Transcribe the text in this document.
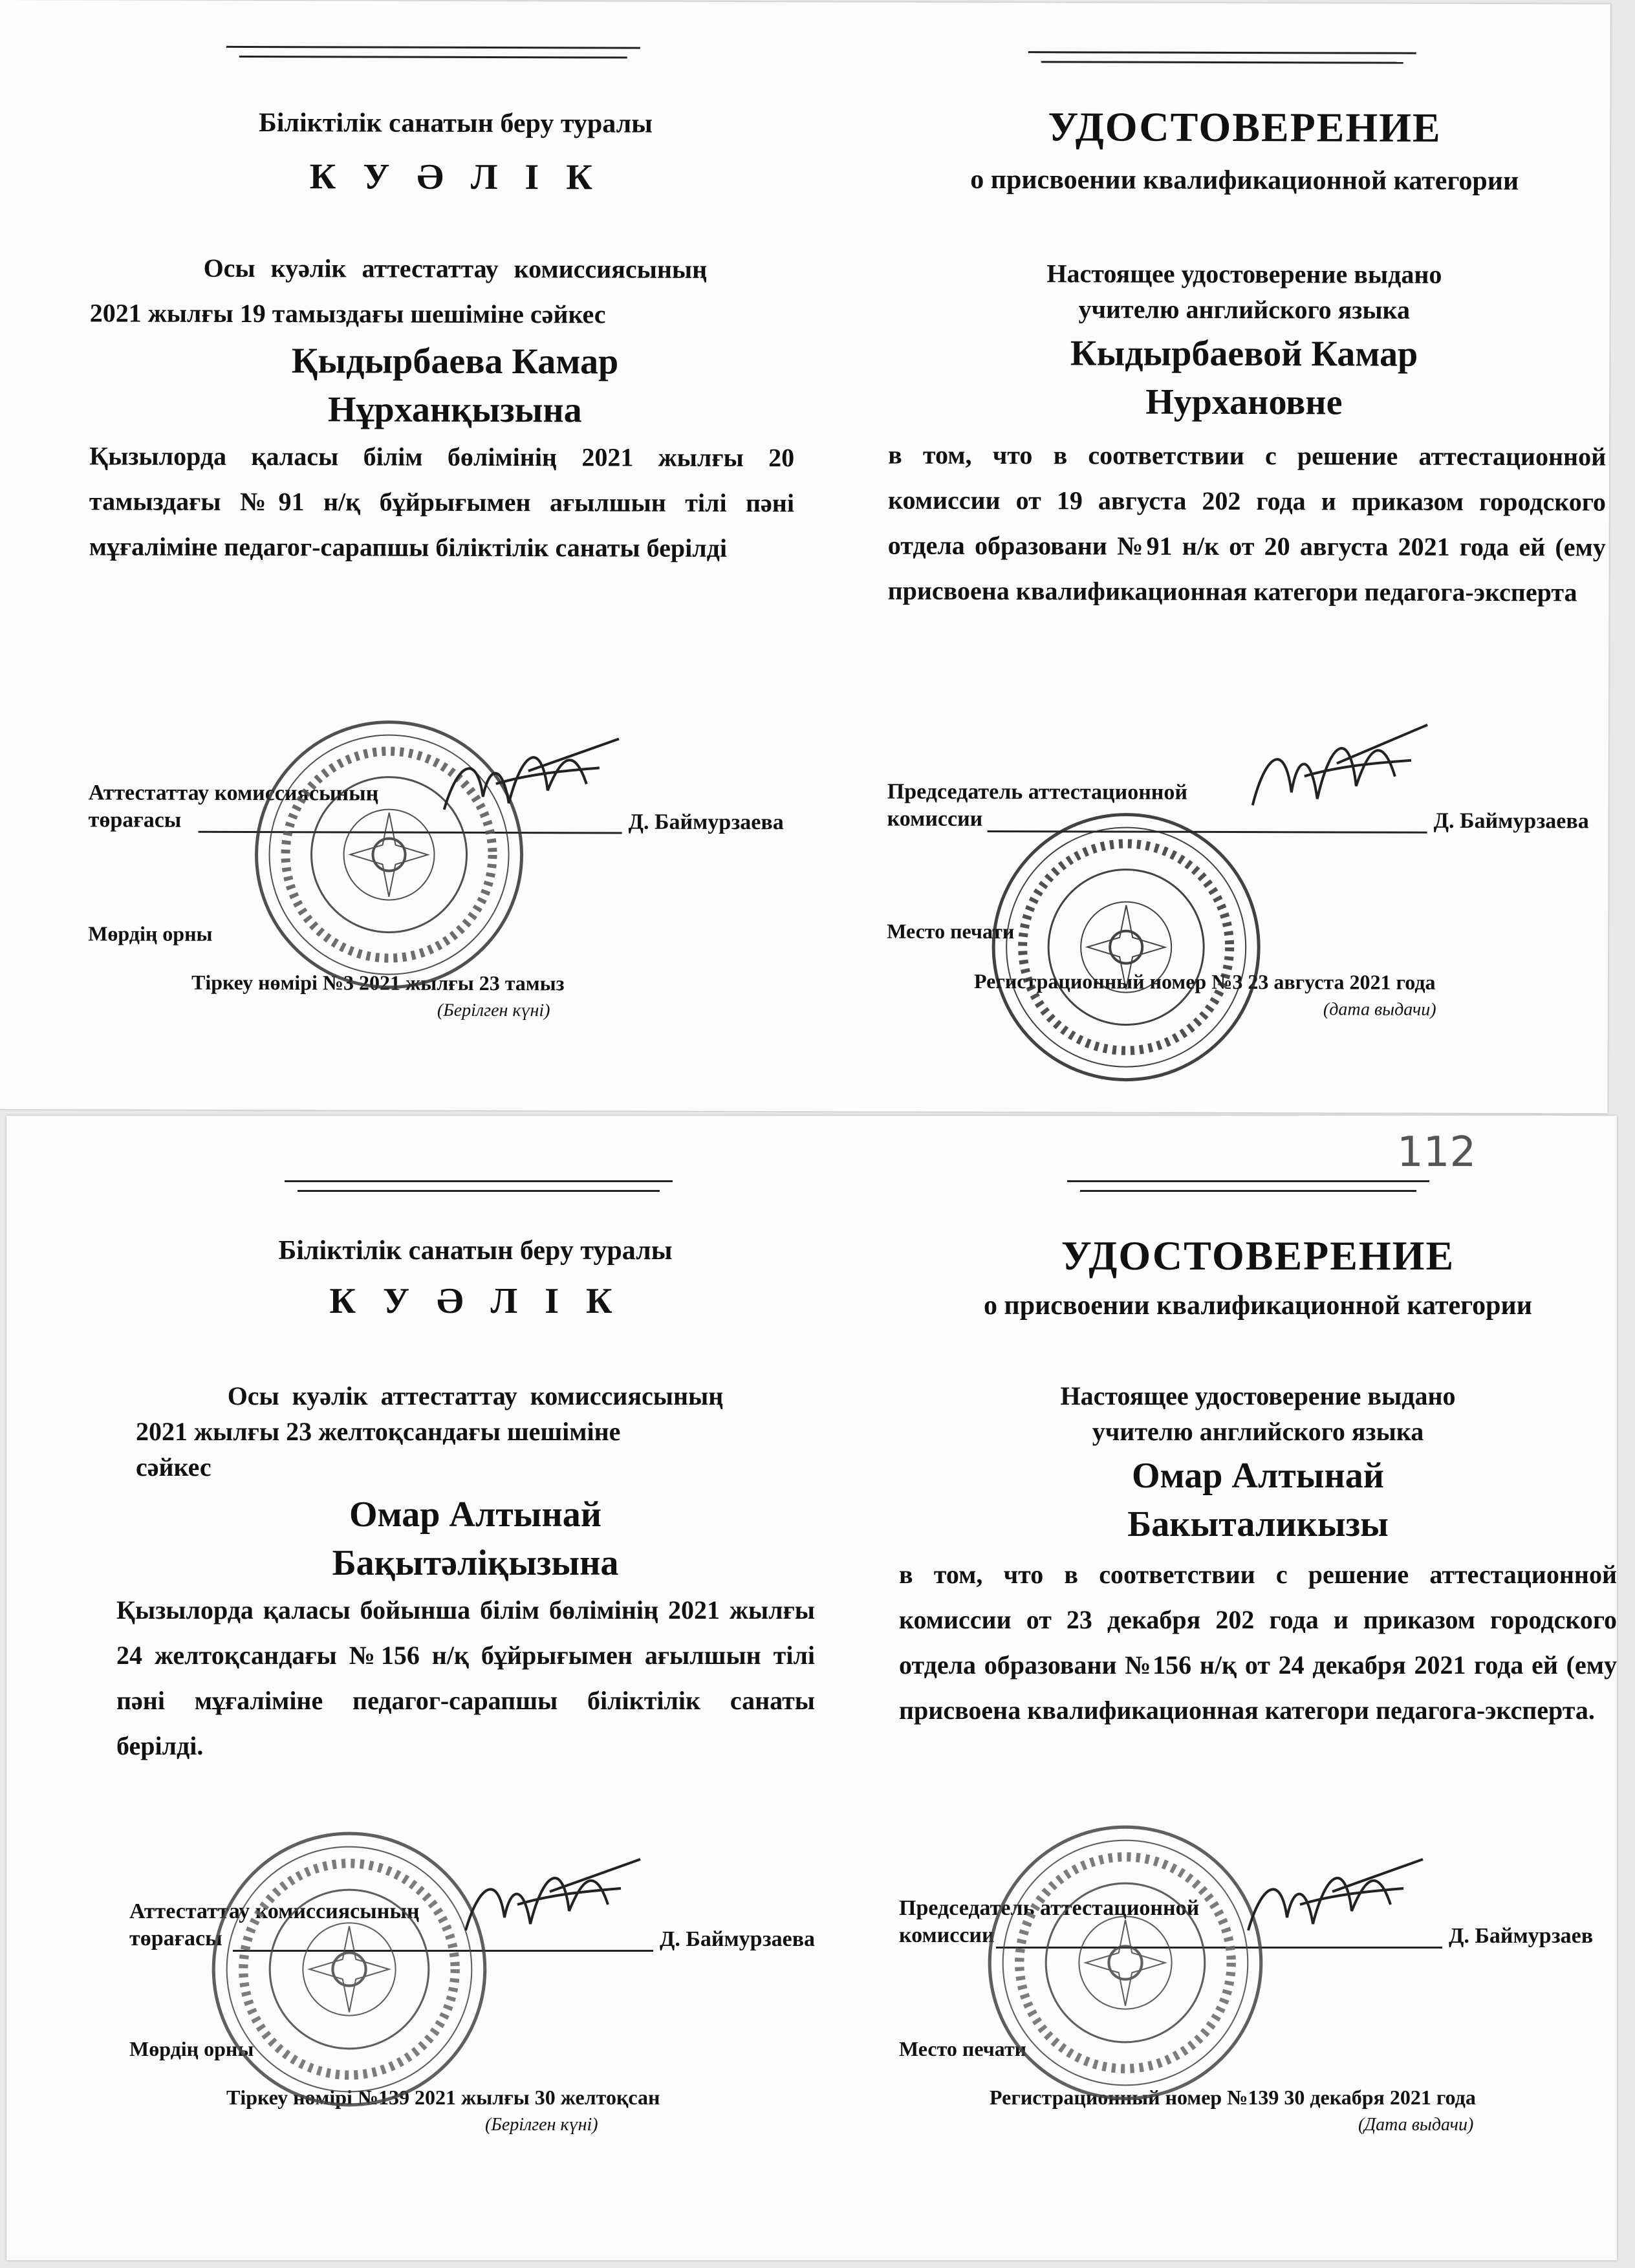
Біліктілік санатын беру туралы
К У Ә Л І К
Осы куәлік аттестаттау комиссиясының
2021 жылғы 19 тамыздағы шешіміне сәйкес
Қыдырбаева Камар
Нұрханқызына
Қызылорда қаласы білім бөлімінің 2021 жылғы 20 тамыздағы №91 н/қ бұйрығымен ағылшын тілі пәні мұғаліміне педагог-сарапшы біліктілік санаты берілді
Аттестаттау комиссиясының
төрағасы	Д. Баймурзаева
Мөрдің орны
Тіркеу нөмірі №3 2021 жылғы 23 тамыз
(Берілген күні)
УДОСТОВЕРЕНИЕ
о присвоении квалификационной категории
Настоящее удостоверение выдано
учителю английского языка
Кыдырбаевой Камар
Нурхановне
в том, что в соответствии с решение аттестационной комиссии от 19 августа 202 года и приказом городского отдела образовани №91 н/к от 20 августа 2021 года ей (ему присвоена квалификационная категори педагога-эксперта
Председатель аттестационной
комиссии	Д. Баймурзаева
Место печати
Регистрационный номер №3 23 августа 2021 года
(дата выдачи)
112
Біліктілік санатын беру туралы
К У Ә Л І К
Осы куәлік аттестаттау комиссиясының
2021 жылғы 23 желтоқсандағы шешіміне
сәйкес
Омар Алтынай
Бақытәліқызына
Қызылорда қаласы бойынша білім бөлімінің 2021 жылғы 24 желтоқсандағы №156 н/қ бұйрығымен ағылшын тілі пәні мұғаліміне педагог-сарапшы біліктілік санаты берілді.
Аттестаттау комиссиясының
төрағасы	Д. Баймурзаева
Мөрдің орны
Тіркеу нөмірі №139 2021 жылғы 30 желтоқсан
(Берілген күні)
УДОСТОВЕРЕНИЕ
о присвоении квалификационной категории
Настоящее удостоверение выдано
учителю английского языка
Омар Алтынай
Бакыталикызы
в том, что в соответствии с решение аттестационной комиссии от 23 декабря 202 года и приказом городского отдела образовани №156 н/қ от 24 декабря 2021 года ей (ему присвоена квалификационная категори педагога-эксперта.
Председатель аттестационной
комиссии	Д. Баймурзаев
Место печати
Регистрационный номер №139 30 декабря 2021 года
(Дата выдачи)
